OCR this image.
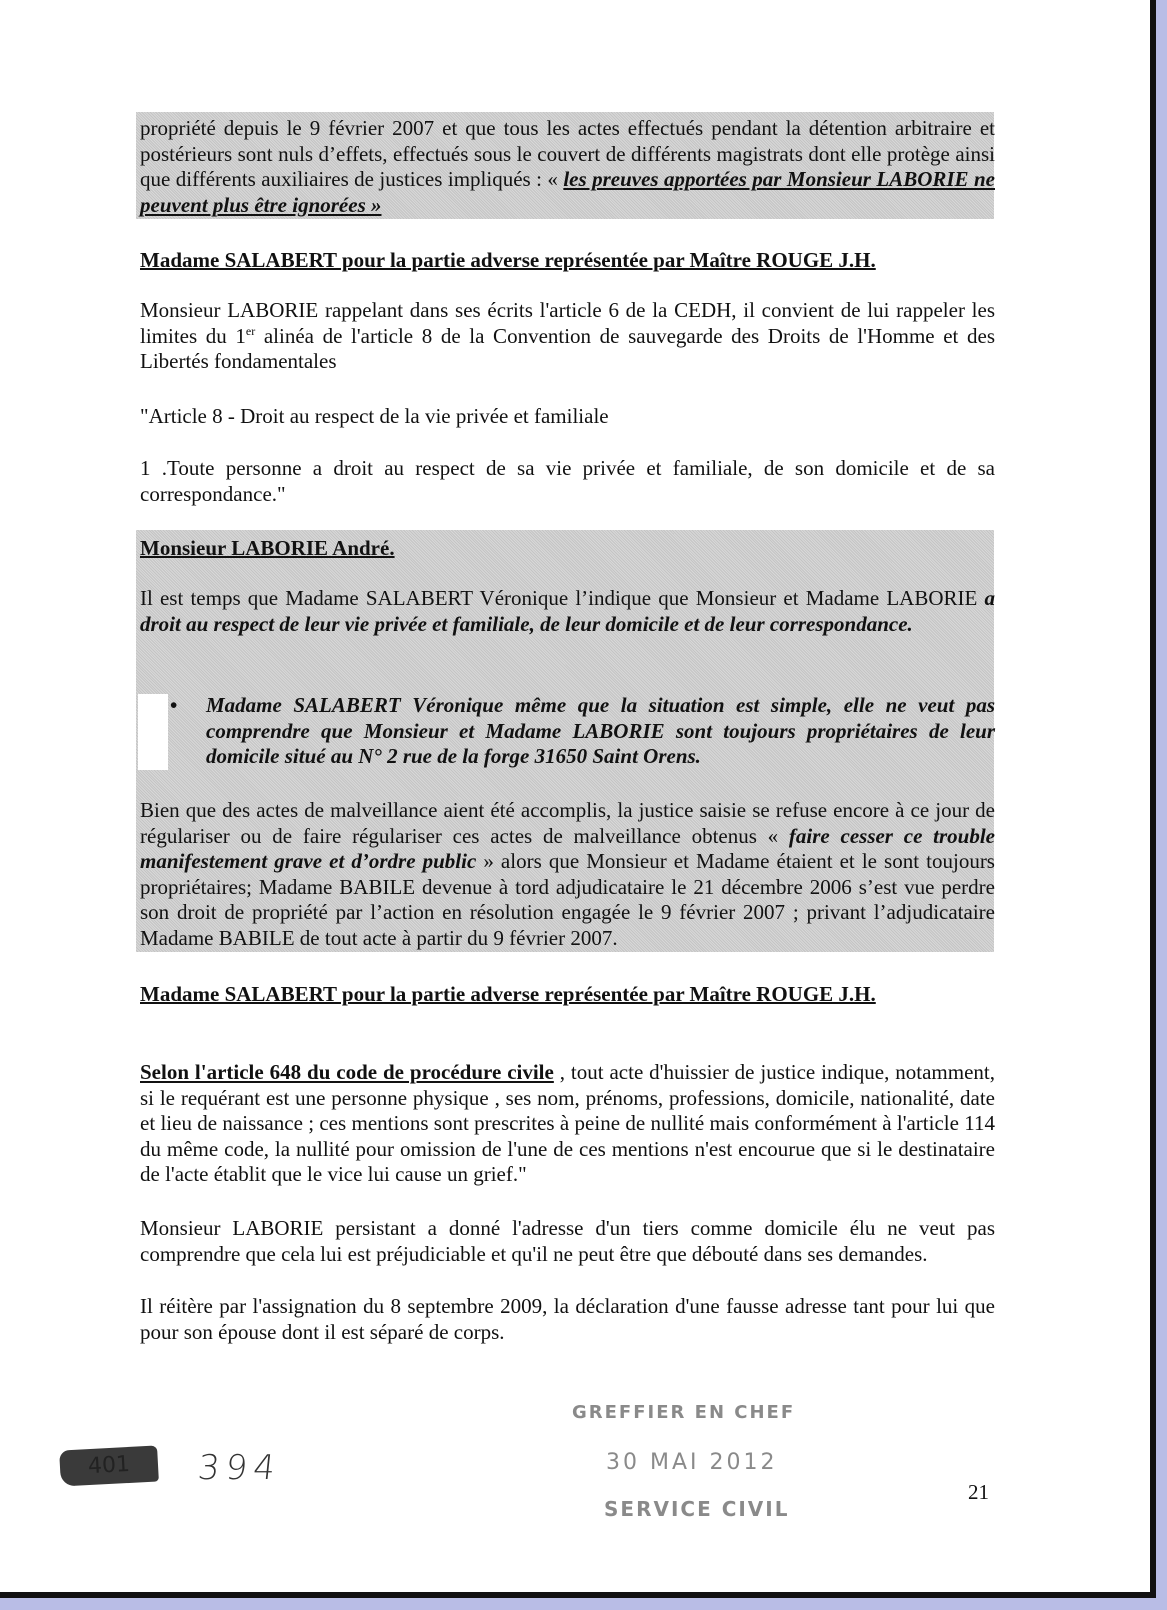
propriété depuis le 9 février 2007 et que tous les actes effectués pendant la détention arbitraire et postérieurs sont nuls d’effets, effectués sous le couvert de différents magistrats dont elle protège ainsi que différents auxiliaires de justices impliqués : « les preuves apportées par Monsieur LABORIE ne peuvent plus être ignorées »

Madame SALABERT pour la partie adverse représentée par Maître ROUGE J.H.

Monsieur LABORIE rappelant dans ses écrits l'article 6 de la CEDH, il convient de lui rappeler les limites du 1er alinéa de l'article 8 de la Convention de sauvegarde des Droits de l'Homme et des Libertés fondamentales

"Article 8 - Droit au respect de la vie privée et familiale

1 .Toute personne a droit au respect de sa vie privée et familiale, de son domicile et de sa correspondance."

Monsieur LABORIE André.

Il est temps que Madame SALABERT Véronique l’indique que Monsieur et Madame LABORIE a droit au respect de leur vie privée et familiale, de leur domicile et de leur correspondance.

•	Madame SALABERT Véronique même que la situation est simple, elle ne veut pas comprendre que Monsieur et Madame LABORIE sont toujours propriétaires de leur domicile situé au N° 2 rue de la forge 31650 Saint Orens.

Bien que des actes de malveillance aient été accomplis, la justice saisie se refuse encore à ce jour de régulariser ou de faire régulariser ces actes de malveillance obtenus « faire cesser ce trouble manifestement grave et d’ordre public » alors que Monsieur et Madame étaient et le sont toujours propriétaires; Madame BABILE devenue à tord adjudicataire le 21 décembre 2006 s’est vue perdre son droit de propriété par l’action en résolution engagée le 9 février 2007 ; privant l’adjudicataire Madame BABILE de tout acte à partir du 9 février 2007.

Madame SALABERT pour la partie adverse représentée par Maître ROUGE J.H.

Selon l'article 648 du code de procédure civile , tout acte d'huissier de justice indique, notamment, si le requérant est une personne physique , ses nom, prénoms, professions, domicile, nationalité, date et lieu de naissance ; ces mentions sont prescrites à peine de nullité mais conformément à l'article 114 du même code, la nullité pour omission de l'une de ces mentions n'est encourue que si le destinataire de l'acte établit que le vice lui cause un grief."

Monsieur LABORIE persistant a donné l'adresse d'un tiers comme domicile élu ne veut pas comprendre que cela lui est préjudiciable et qu'il ne peut être que débouté dans ses demandes.

Il réitère par l'assignation du 8 septembre 2009, la déclaration d'une fausse adresse tant pour lui que pour son épouse dont il est séparé de corps.

GREFFIER EN CHEF
30 MAI 2012
SERVICE CIVIL
401	394
21
